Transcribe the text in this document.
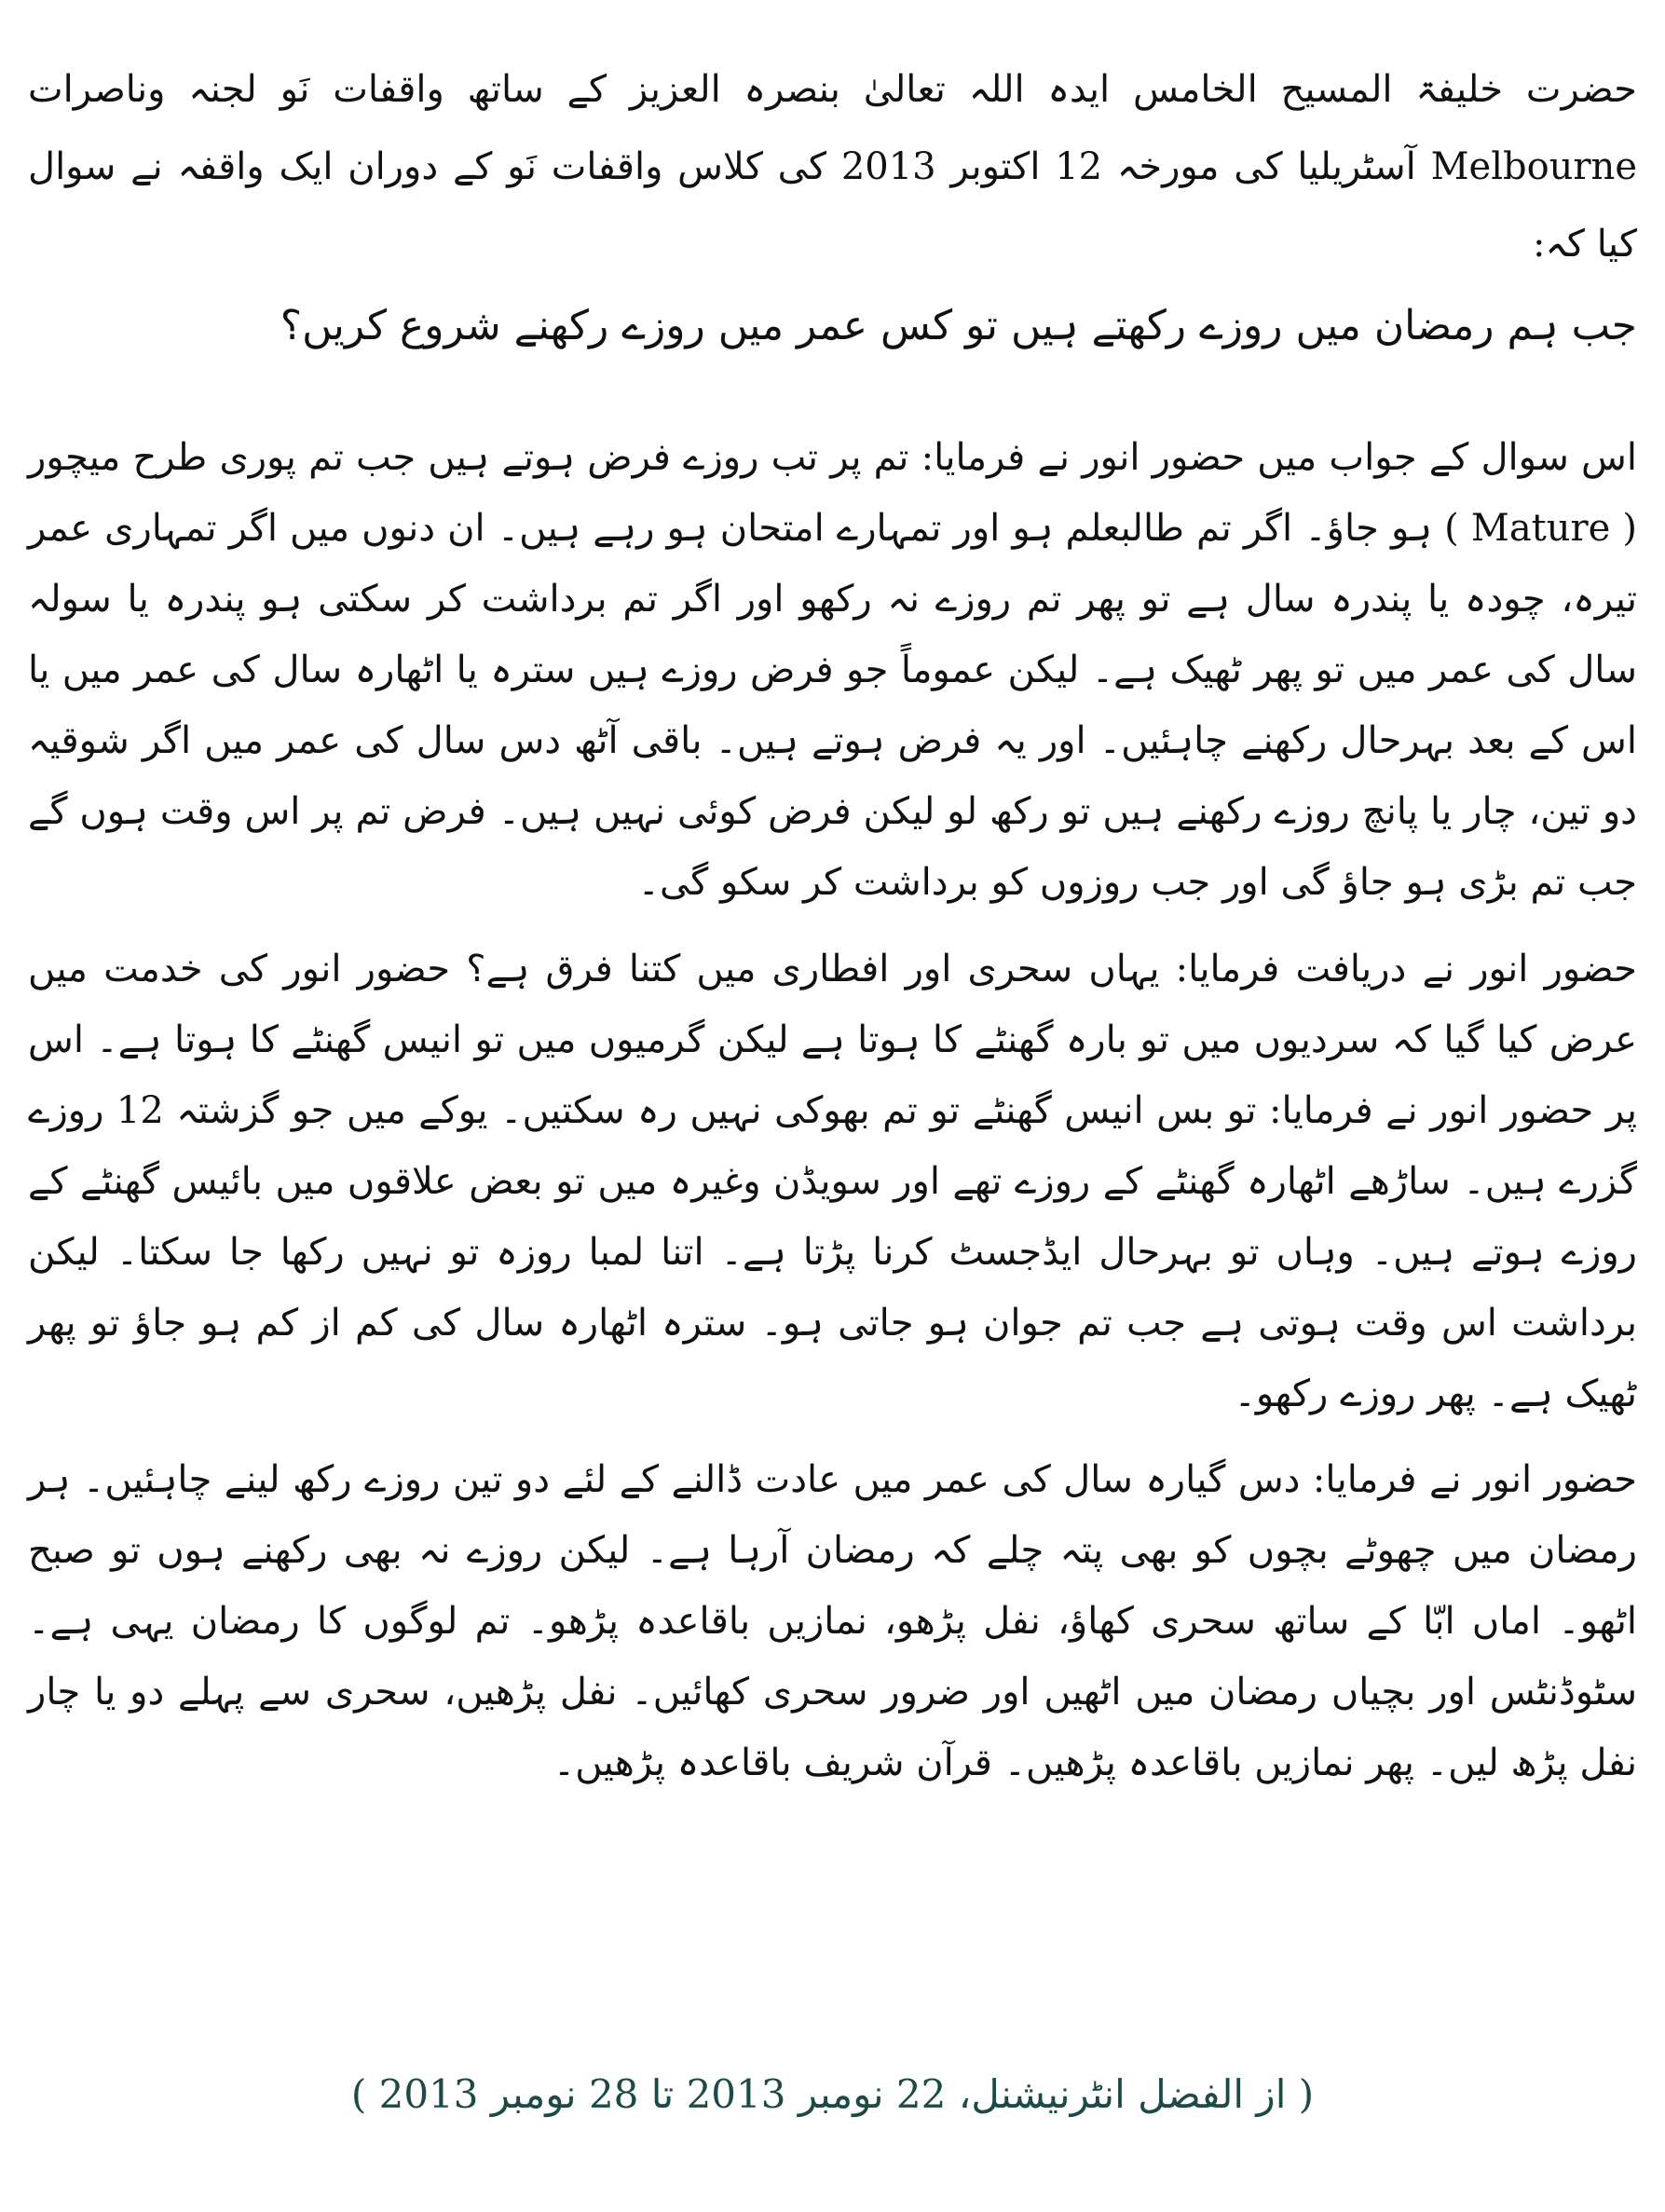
حضرت خلیفۃ المسیح الخامس ایدہ اللہ تعالیٰ بنصرہ العزیز کے ساتھ واقفات نَو لجنہ وناصرات Melbourne آسٹریلیا کی مورخہ 12 اکتوبر 2013 کی کلاس واقفات نَو کے دوران ایک واقفہ نے سوال کیا کہ:

جب ہم رمضان میں روزے رکھتے ہیں تو کس عمر میں روزے رکھنے شروع کریں؟

اس سوال کے جواب میں حضور انور نے فرمایا: تم پر تب روزے فرض ہوتے ہیں جب تم پوری طرح میچور ( Mature ) ہو جاؤ۔ اگر تم طالبعلم ہو اور تمہارے امتحان ہو رہے ہیں۔ ان دنوں میں اگر تمہاری عمر تیرہ، چودہ یا پندرہ سال ہے تو پھر تم روزے نہ رکھو اور اگر تم برداشت کر سکتی ہو پندرہ یا سولہ سال کی عمر میں تو پھر ٹھیک ہے۔ لیکن عموماً جو فرض روزے ہیں سترہ یا اٹھارہ سال کی عمر میں یا اس کے بعد بہرحال رکھنے چاہئیں۔ اور یہ فرض ہوتے ہیں۔ باقی آٹھ دس سال کی عمر میں اگر شوقیہ دو تین، چار یا پانچ روزے رکھنے ہیں تو رکھ لو لیکن فرض کوئی نہیں ہیں۔ فرض تم پر اس وقت ہوں گے جب تم بڑی ہو جاؤ گی اور جب روزوں کو برداشت کر سکو گی۔

حضور انور نے دریافت فرمایا: یہاں سحری اور افطاری میں کتنا فرق ہے؟ حضور انور کی خدمت میں عرض کیا گیا کہ سردیوں میں تو بارہ گھنٹے کا ہوتا ہے لیکن گرمیوں میں تو انیس گھنٹے کا ہوتا ہے۔ اس پر حضور انور نے فرمایا: تو بس انیس گھنٹے تو تم بھوکی نہیں رہ سکتیں۔ یوکے میں جو گزشتہ 12 روزے گزرے ہیں۔ ساڑھے اٹھارہ گھنٹے کے روزے تھے اور سویڈن وغیرہ میں تو بعض علاقوں میں بائیس گھنٹے کے روزے ہوتے ہیں۔ وہاں تو بہرحال ایڈجسٹ کرنا پڑتا ہے۔ اتنا لمبا روزہ تو نہیں رکھا جا سکتا۔ لیکن برداشت اس وقت ہوتی ہے جب تم جوان ہو جاتی ہو۔ سترہ اٹھارہ سال کی کم از کم ہو جاؤ تو پھر ٹھیک ہے۔ پھر روزے رکھو۔

حضور انور نے فرمایا: دس گیارہ سال کی عمر میں عادت ڈالنے کے لئے دو تین روزے رکھ لینے چاہئیں۔ ہر رمضان میں چھوٹے بچوں کو بھی پتہ چلے کہ رمضان آرہا ہے۔ لیکن روزے نہ بھی رکھنے ہوں تو صبح اٹھو۔ اماں ابّا کے ساتھ سحری کھاؤ، نفل پڑھو، نمازیں باقاعدہ پڑھو۔ تم لوگوں کا رمضان یہی ہے۔ سٹوڈنٹس اور بچیاں رمضان میں اٹھیں اور ضرور سحری کھائیں۔ نفل پڑھیں، سحری سے پہلے دو یا چار نفل پڑھ لیں۔ پھر نمازیں باقاعدہ پڑھیں۔ قرآن شریف باقاعدہ پڑھیں۔

( از الفضل انٹرنیشنل، 22 نومبر 2013 تا 28 نومبر 2013 )
